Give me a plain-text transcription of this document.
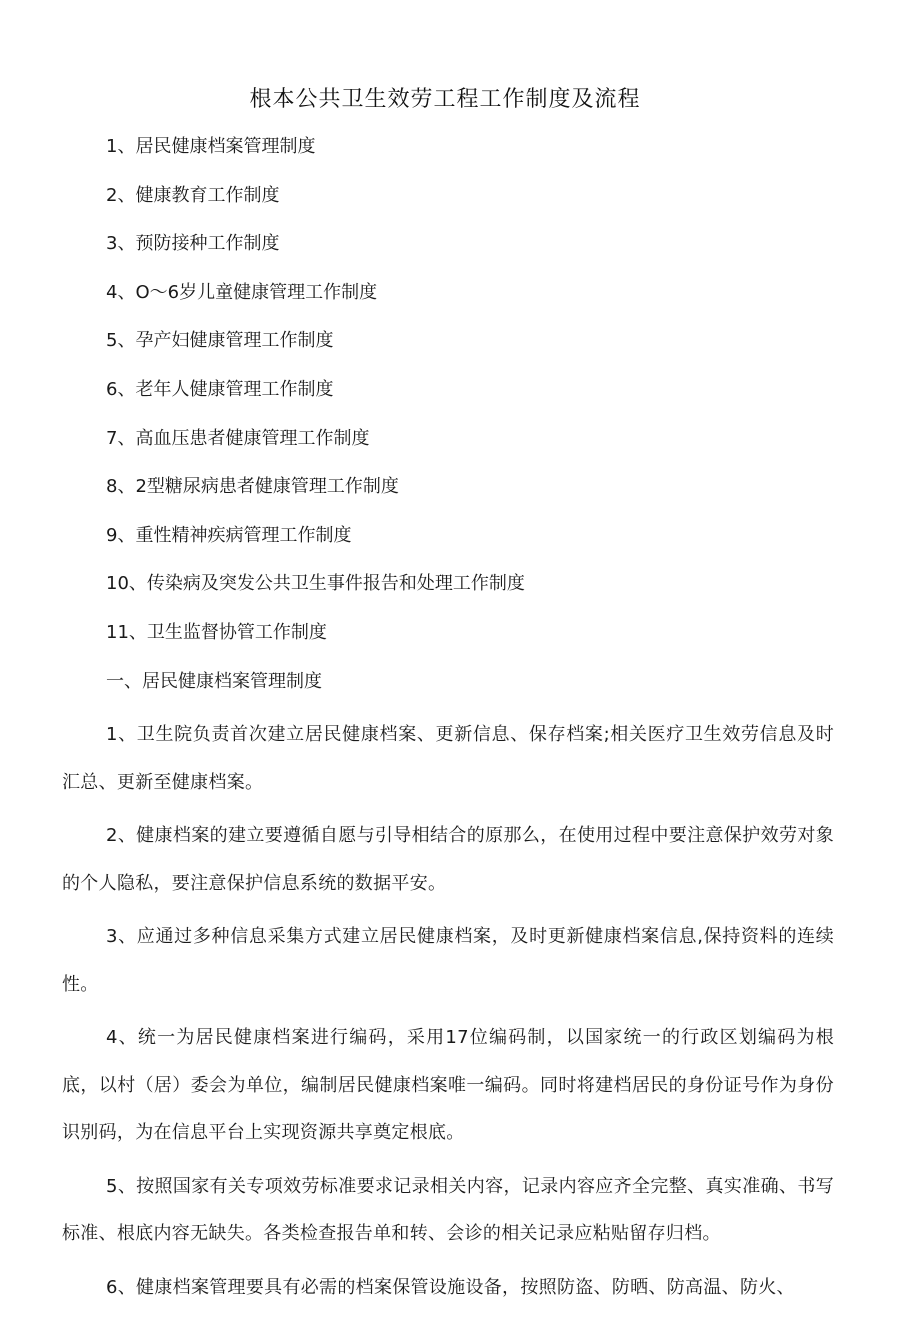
根本公共卫生效劳工程工作制度及流程
1、居民健康档案管理制度
2、健康教育工作制度
3、预防接种工作制度
4、O～6岁儿童健康管理工作制度
5、孕产妇健康管理工作制度
6、老年人健康管理工作制度
7、高血压患者健康管理工作制度
8、2型糖尿病患者健康管理工作制度
9、重性精神疾病管理工作制度
10、传染病及突发公共卫生事件报告和处理工作制度
11、卫生监督协管工作制度
一、居民健康档案管理制度

1、卫生院负责首次建立居民健康档案、更新信息、保存档案;相关医疗卫生效劳信息及时汇总、更新至健康档案。

2、健康档案的建立要遵循自愿与引导相结合的原那么，在使用过程中要注意保护效劳对象的个人隐私，要注意保护信息系统的数据平安。

3、应通过多种信息采集方式建立居民健康档案，及时更新健康档案信息,保持资料的连续性。

4、统一为居民健康档案进行编码，采用17位编码制，以国家统一的行政区划编码为根底，以村（居）委会为单位，编制居民健康档案唯一编码。同时将建档居民的身份证号作为身份识别码，为在信息平台上实现资源共享奠定根底。

5、按照国家有关专项效劳标准要求记录相关内容，记录内容应齐全完整、真实准确、书写标准、根底内容无缺失。各类检查报告单和转、会诊的相关记录应粘贴留存归档。

6、健康档案管理要具有必需的档案保管设施设备，按照防盗、防晒、防高温、防火、
